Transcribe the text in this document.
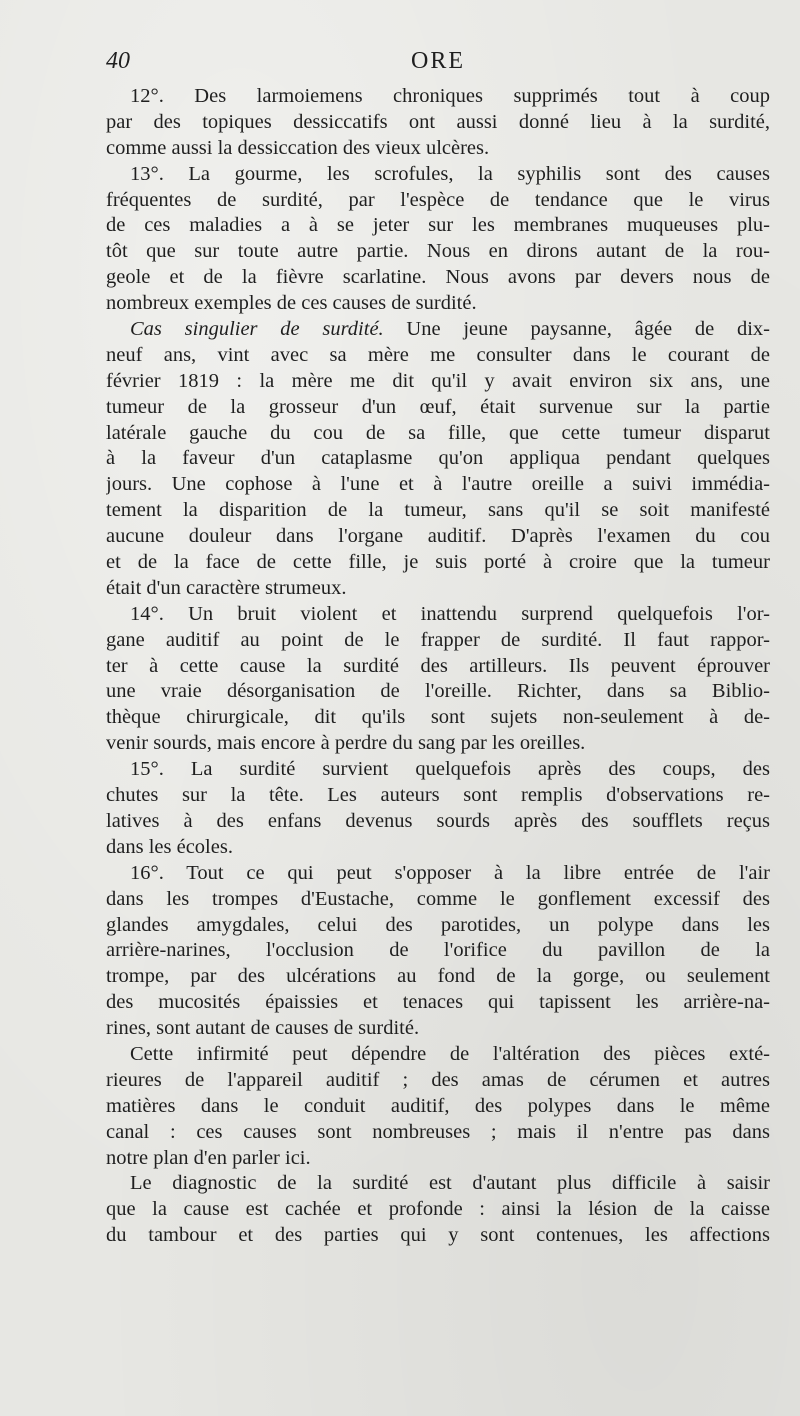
40	ORE
12°. Des larmoiemens chroniques supprimés tout à coup
par des topiques dessiccatifs ont aussi donné lieu à la surdité,
comme aussi la dessiccation des vieux ulcères.
13°. La gourme, les scrofules, la syphilis sont des causes
fréquentes de surdité, par l'espèce de tendance que le virus
de ces maladies a à se jeter sur les membranes muqueuses plu-
tôt que sur toute autre partie. Nous en dirons autant de la rou-
geole et de la fièvre scarlatine. Nous avons par devers nous de
nombreux exemples de ces causes de surdité.
Cas singulier de surdité. Une jeune paysanne, âgée de dix-
neuf ans, vint avec sa mère me consulter dans le courant de
février 1819 : la mère me dit qu'il y avait environ six ans, une
tumeur de la grosseur d'un œuf, était survenue sur la partie
latérale gauche du cou de sa fille, que cette tumeur disparut
à la faveur d'un cataplasme qu'on appliqua pendant quelques
jours. Une cophose à l'une et à l'autre oreille a suivi immédia-
tement la disparition de la tumeur, sans qu'il se soit manifesté
aucune douleur dans l'organe auditif. D'après l'examen du cou
et de la face de cette fille, je suis porté à croire que la tumeur
était d'un caractère strumeux.
14°. Un bruit violent et inattendu surprend quelquefois l'or-
gane auditif au point de le frapper de surdité. Il faut rappor-
ter à cette cause la surdité des artilleurs. Ils peuvent éprouver
une vraie désorganisation de l'oreille. Richter, dans sa Biblio-
thèque chirurgicale, dit qu'ils sont sujets non-seulement à de-
venir sourds, mais encore à perdre du sang par les oreilles.
15°. La surdité survient quelquefois après des coups, des
chutes sur la tête. Les auteurs sont remplis d'observations re-
latives à des enfans devenus sourds après des soufflets reçus
dans les écoles.
16°. Tout ce qui peut s'opposer à la libre entrée de l'air
dans les trompes d'Eustache, comme le gonflement excessif des
glandes amygdales, celui des parotides, un polype dans les
arrière-narines, l'occlusion de l'orifice du pavillon de la
trompe, par des ulcérations au fond de la gorge, ou seulement
des mucosités épaissies et tenaces qui tapissent les arrière-na-
rines, sont autant de causes de surdité.
Cette infirmité peut dépendre de l'altération des pièces exté-
rieures de l'appareil auditif ; des amas de cérumen et autres
matières dans le conduit auditif, des polypes dans le même
canal : ces causes sont nombreuses ; mais il n'entre pas dans
notre plan d'en parler ici.
Le diagnostic de la surdité est d'autant plus difficile à saisir
que la cause est cachée et profonde : ainsi la lésion de la caisse
du tambour et des parties qui y sont contenues, les affections
